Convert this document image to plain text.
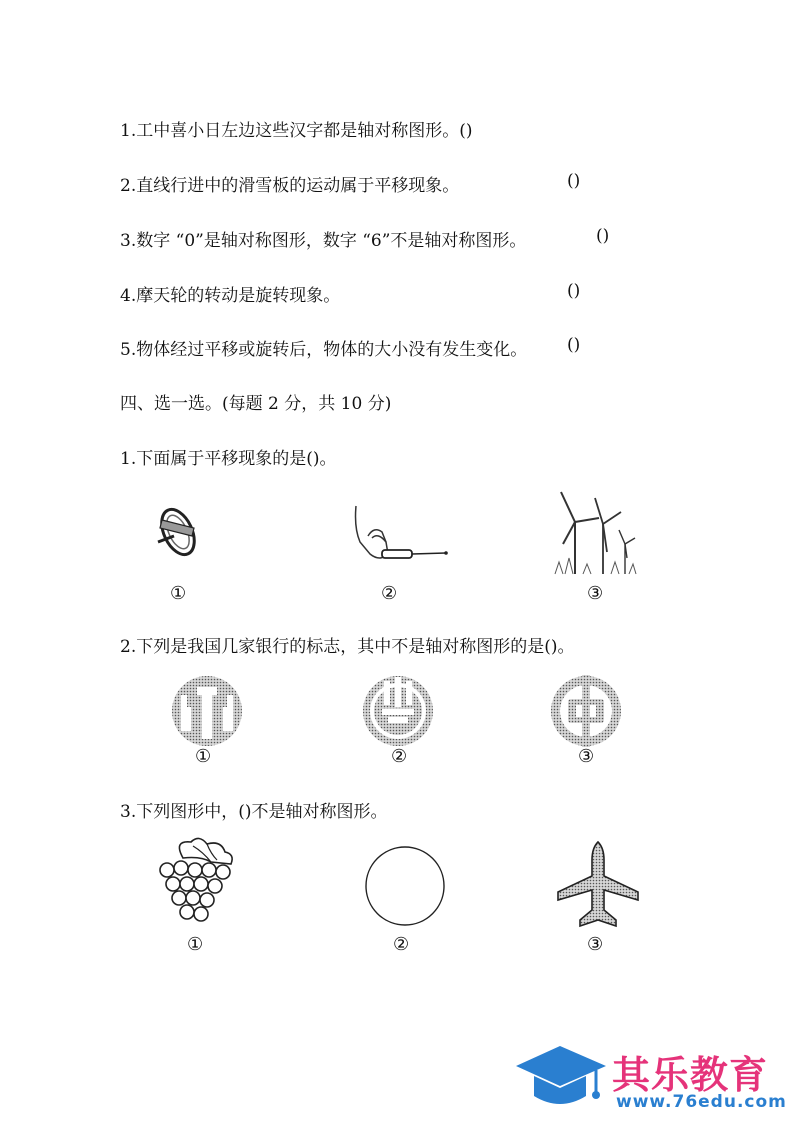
1.工中喜小日左边这些汉字都是轴对称图形。()
2.直线行进中的滑雪板的运动属于平移现象。	()
3.数字 “0”是轴对称图形，数字 “6”不是轴对称图形。	()
4.摩天轮的转动是旋转现象。	()
5.物体经过平移或旋转后，物体的大小没有发生变化。 ()
四、选一选。(每题 2 分，共 10 分)
1.下面属于平移现象的是()。
①	②	③
2.下列是我国几家银行的标志，其中不是轴对称图形的是()。
①	②	③
3.下列图形中，()不是轴对称图形。
①	②	③
其乐教育
www.76edu.com
